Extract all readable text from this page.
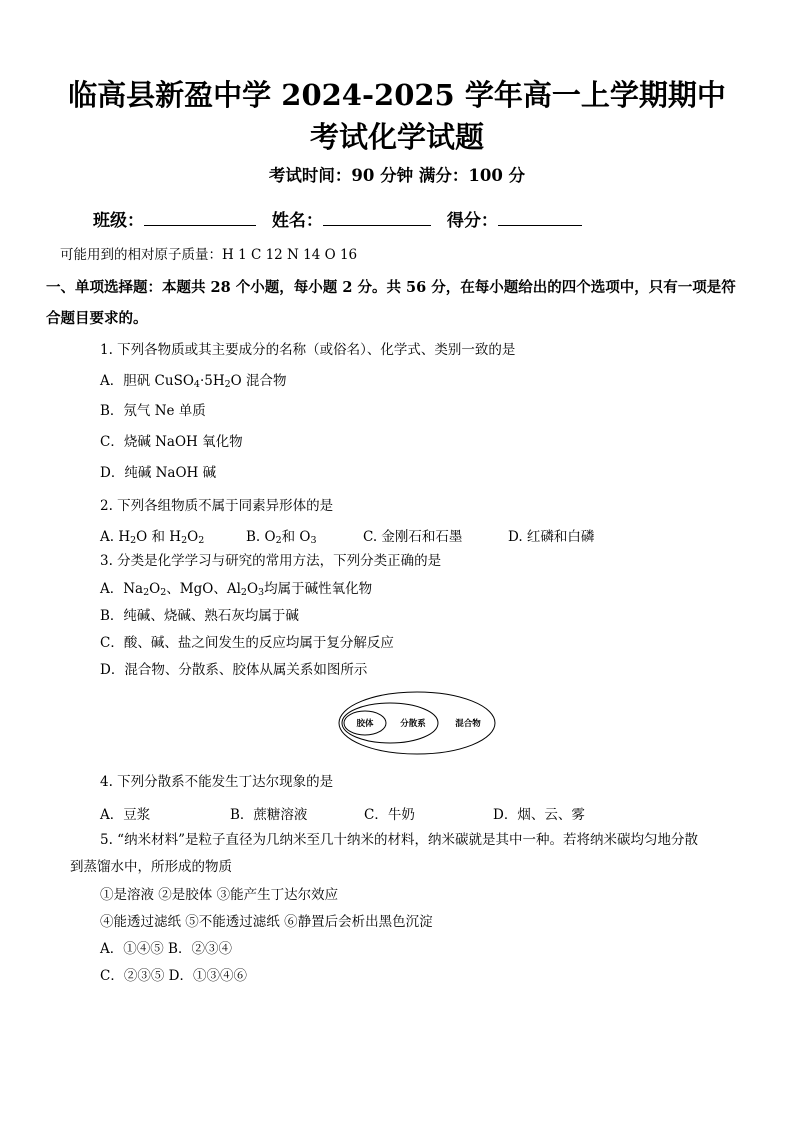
临高县新盈中学 2024-2025 学年高一上学期期中考试化学试题
考试时间：90 分钟 满分：100 分
班级：	姓名：	得分：
可能用到的相对原子质量：H 1 C 12 N 14 O 16
一、单项选择题：本题共 28 个小题，每小题 2 分。共 56 分，在每小题给出的四个选项中，只有一项是符合题目要求的。
1. 下列各物质或其主要成分的名称（或俗名）、化学式、类别一致的是
A．胆矾 $CuSO_4\cdot 5H_2O$ 混合物
B．氖气 Ne 单质
C．烧碱 NaOH 氧化物
D．纯碱 NaOH 碱
2. 下列各组物质不属于同素异形体的是
A. $H_2O$ 和 $H_2O_2$	B. $O_2$和 $O_3$	C. 金刚石和石墨	D. 红磷和白磷
3. 分类是化学学习与研究的常用方法，下列分类正确的是
A．$Na_2O_2$、MgO、$Al_2O_3$均属于碱性氧化物
B．纯碱、烧碱、熟石灰均属于碱
C．酸、碱、盐之间发生的反应均属于复分解反应
D．混合物、分散系、胶体从属关系如图所示
胶体	分散系	混合物
4. 下列分散系不能发生丁达尔现象的是
A．豆浆	B．蔗糖溶液	C．牛奶	D．烟、云、雾
5. “纳米材料”是粒子直径为几纳米至几十纳米的材料，纳米碳就是其中一种。若将纳米碳均匀地分散
到蒸馏水中，所形成的物质
①是溶液 ②是胶体 ③能产生丁达尔效应
④能透过滤纸 ⑤不能透过滤纸 ⑥静置后会析出黑色沉淀
A．①④⑤ B．②③④
C．②③⑤ D．①③④⑥
